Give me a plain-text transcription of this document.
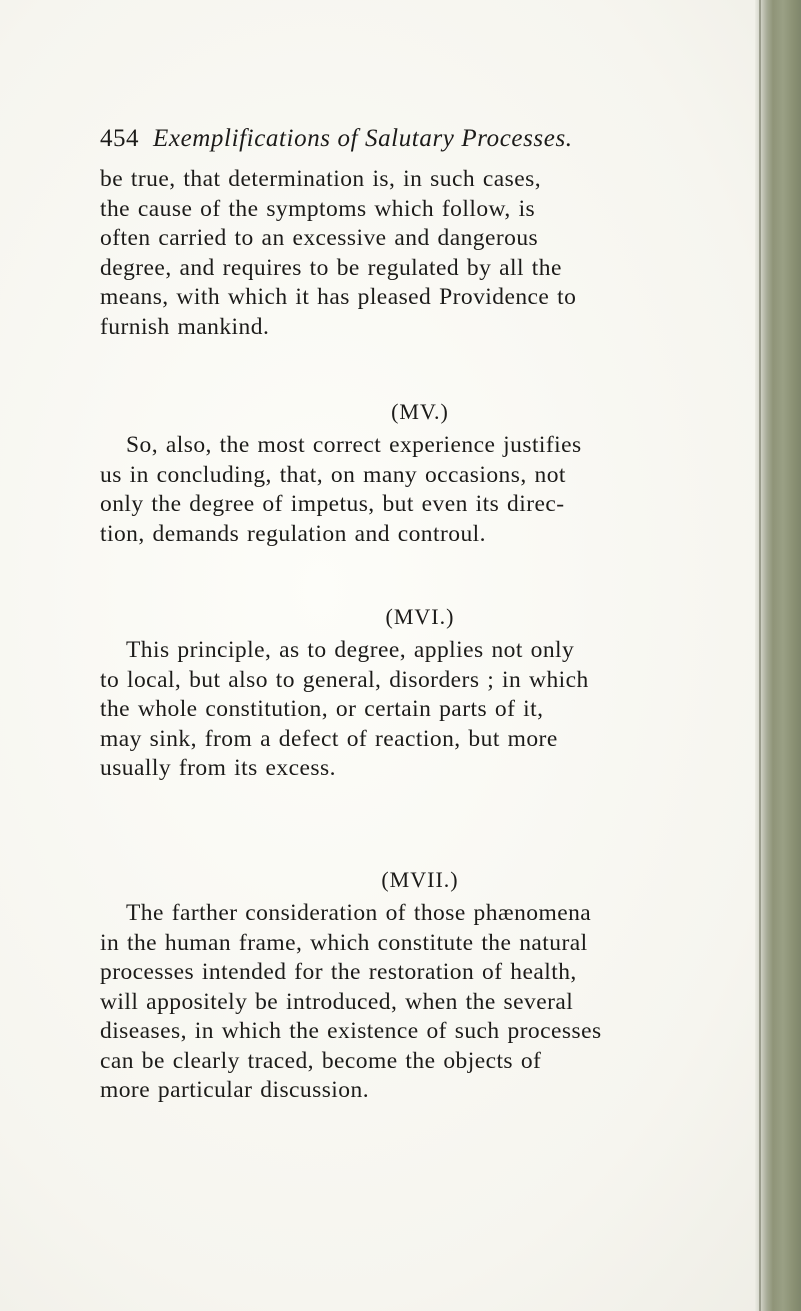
454 Exemplifications of Salutary Processes.
be true, that determination is, in such cases,
the cause of the symptoms which follow, is
often carried to an excessive and dangerous
degree, and requires to be regulated by all the
means, with which it has pleased Providence to
furnish mankind.
(MV.)
So, also, the most correct experience justifies
us in concluding, that, on many occasions, not
only the degree of impetus, but even its direc-
tion, demands regulation and controul.
(MVI.)
This principle, as to degree, applies not only
to local, but also to general, disorders ; in which
the whole constitution, or certain parts of it,
may sink, from a defect of reaction, but more
usually from its excess.
(MVII.)
The farther consideration of those phænomena
in the human frame, which constitute the natural
processes intended for the restoration of health,
will appositely be introduced, when the several
diseases, in which the existence of such processes
can be clearly traced, become the objects of
more particular discussion.
